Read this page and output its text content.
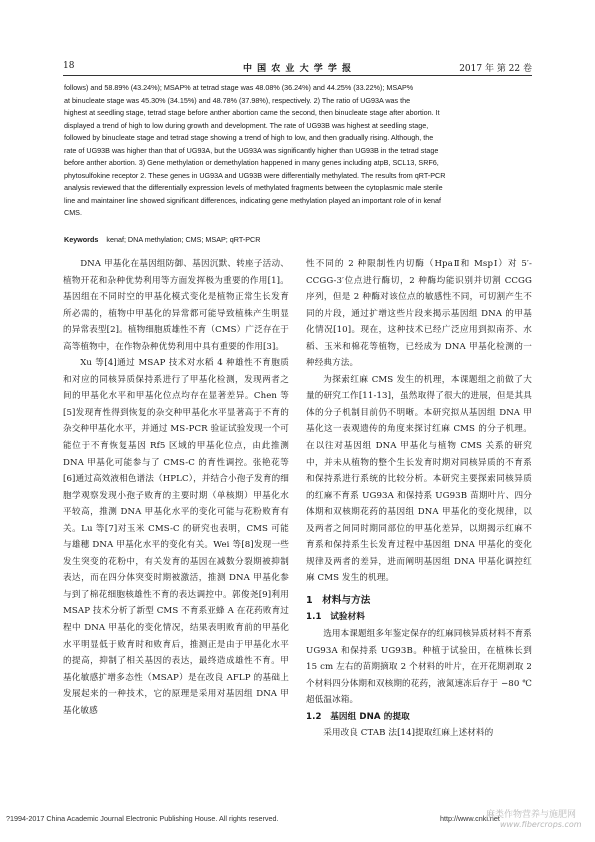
18	中 国 农 业 大 学 学 报	2017 年 第 22 卷

follows) and 58.89% (43.24%); MSAP% at tetrad stage was 48.08% (36.24%) and 44.25% (33.22%); MSAP%

at binucleate stage was 45.30% (34.15%) and 48.78% (37.98%), respectively. 2) The ratio of UG93A was the

highest at seedling stage, tetrad stage before anther abortion came the second, then binucleate stage after abortion. It

displayed a trend of high to low during growth and development. The rate of UG93B was highest at seedling stage,

followed by binucleate stage and tetrad stage showing a trend of high to low, and then gradually rising. Although, the

rate of UG93B was higher than that of UG93A, but the UG93A was significantly higher than UG93B in the tetrad stage

before anther abortion. 3) Gene methylation or demethylation happened in many genes including atpB, SCL13, SRF6,

phytosulfokine receptor 2. These genes in UG93A and UG93B were differentially methylated. The results from qRT-PCR

analysis reviewed that the differentially expression levels of methylated fragments between the cytoplasmic male sterile

line and maintainer line showed significant differences, indicating gene methylation played an important role of in kenaf

CMS.

Keywords kenaf; DNA methylation; CMS; MSAP; qRT-PCR

DNA 甲基化在基因组防御、基因沉默、转座子活动、植物开花和杂种优势利用等方面发挥极为重要的作用[1]。基因组在不同时空的甲基化模式变化是植物正常生长发育所必需的，植物中甲基化的异常都可能导致植株产生明显的异常表型[2]。植物细胞质雄性不育（CMS）广泛存在于高等植物中，在作物杂种优势利用中具有重要的作用[3]。

Xu 等[4]通过 MSAP 技术对水稻 4 种雄性不育胞质和对应的同核异质保持系进行了甲基化检测，发现两者之间的甲基化水平和甲基化位点均存在显著差异。Chen 等[5]发现育性得到恢复的杂交种甲基化水平显著高于不育的杂交种甲基化水平，并通过 MS-PCR 验证试验发现一个可能位于不育恢复基因 Rf5 区域的甲基化位点，由此推测 DNA 甲基化可能参与了 CMS-C 的育性调控。张艳花等[6]通过高效液相色谱法（HPLC），并结合小孢子发育的细胞学观察发现小孢子败育的主要时期（单核期）甲基化水平较高，推测 DNA 甲基化水平的变化可能与花粉败育有关。Lu 等[7]对玉米 CMS-C 的研究也表明，CMS 可能与雄穗 DNA 甲基化水平的变化有关。Wei 等[8]发现一些发生突变的花粉中，有关发育的基因在减数分裂期被抑制表达，而在四分体突变时期被激活，推测 DNA 甲基化参与到了棉花细胞核雄性不育的表达调控中。郭俊尧[9]利用 MSAP 技术分析了新型 CMS 不育系亚蜂 A 在花药败育过程中 DNA 甲基化的变化情况，结果表明败育前的甲基化水平明显低于败育时和败育后，推测正是由于甲基化水平的提高，抑制了相关基因的表达，最终造成雄性不育。甲基化敏感扩增多态性（MSAP）是在改良 AFLP 的基础上发展起来的一种技术，它的原理是采用对基因组 DNA 甲基化敏感

性不同的 2 种限制性内切酶（HpaⅡ和 MspⅠ）对 5′-CCGG-3′位点进行酶切，2 种酶均能识别并切割 CCGG 序列，但是 2 种酶对该位点的敏感性不同，可切割产生不同的片段，通过扩增这些片段来揭示基因组 DNA 的甲基化情况[10]。现在，这种技术已经广泛应用到拟南芥、水稻、玉米和棉花等植物，已经成为 DNA 甲基化检测的一种经典方法。

为探索红麻 CMS 发生的机理，本课题组之前做了大量的研究工作[11-13]，虽然取得了很大的进展，但是其具体的分子机制目前仍不明晰。本研究拟从基因组 DNA 甲基化这一表观遗传的角度来探讨红麻 CMS 的分子机理。在以往对基因组 DNA 甲基化与植物 CMS 关系的研究中，并未从植物的整个生长发育时期对同核异质的不育系和保持系进行系统的比较分析。本研究主要探索同核异质的红麻不育系 UG93A 和保持系 UG93B 苗期叶片、四分体期和双核期花药的基因组 DNA 甲基化的变化规律，以及两者之间同时期同部位的甲基化差异，以期揭示红麻不育系和保持系生长发育过程中基因组 DNA 甲基化的变化规律及两者的差异，进而阐明基因组 DNA 甲基化调控红麻 CMS 发生的机理。

1　材料与方法

1.1　试验材料

选用本课题组多年鉴定保存的红麻同核异质材料不育系 UG93A 和保持系 UG93B。种植于试验田，在植株长到 15 cm 左右的苗期摘取 2 个材料的叶片，在开花期剥取 2 个材料四分体期和双核期的花药，液氮速冻后存于 −80 ℃ 超低温冰箱。

1.2　基因组 DNA 的提取

采用改良 CTAB 法[14]提取红麻上述材料的

?1994-2017 China Academic Journal Electronic Publishing House. All rights reserved.	http://www.cnki.net
麻类作物营养与施肥网
www.fibercrops.com
